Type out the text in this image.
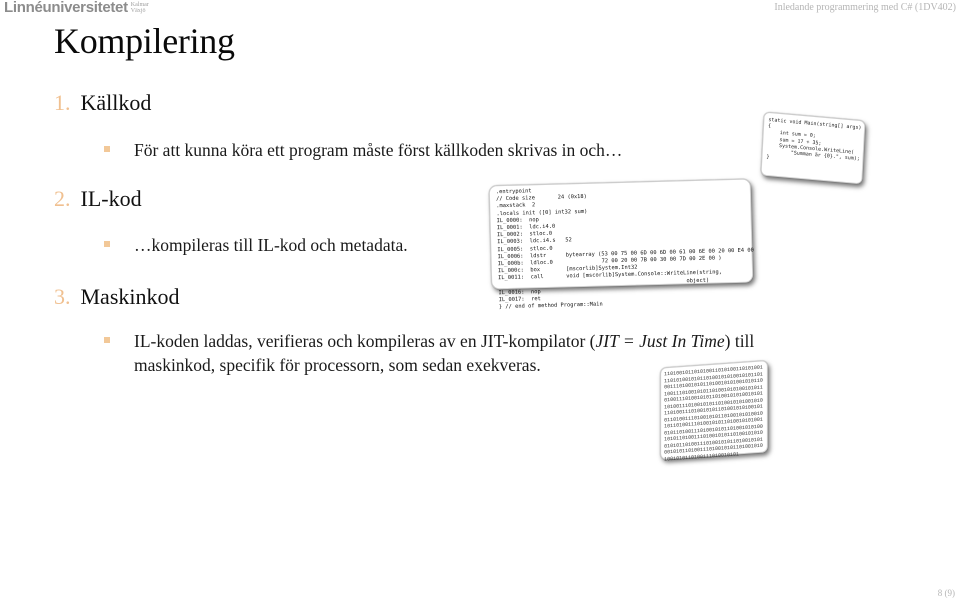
Linnéuniversitetet Kalmar
Växjö	Inledande programmering med C# (1DV402)
Kompilering
1. Källkod
För att kunna köra ett program måste först källkoden skrivas in och…
2. IL-kod
…kompileras till IL-kod och metadata.
3. Maskinkod
IL-koden laddas, verifieras och kompileras av en JIT-kompilator (JIT = Just In Time) till
maskinkod, specifik för processorn, som sedan exekveras.
static void Main(string[] args)
{
int sum = 0;
sum = 17 + 35;
System.Console.WriteLine(
"Summan är {0}.", sum);
}
.entrypoint
// Code size       24 (0x18)
.maxstack  2
.locals init ([0] int32 sum)
IL_0000:  nop
IL_0001:  ldc.i4.0
IL_0002:  stloc.0
IL_0003:  ldc.i4.s   52
IL_0005:  stloc.0
IL_0006:  ldstr      bytearray (53 00 75 00 6D 00 6D 00 61 00 6E 00 20 00 E4 00
IL_000b:  ldloc.0               72 00 20 00 7B 00 30 00 7D 00 2E 00 )
IL_000c:  box        [mscorlib]System.Int32
IL_0011:  call       void [mscorlib]System.Console::WriteLine(string,
object)
IL_0016:  nop
IL_0017:  ret
} // end of method Program::Main
1101001011010100110101001101010011101010010101101001010100101011010011101001010110100101010010101101001110100101011010010101001010110100111010010101101001010100101011010011101001010110100101010010101101001110100101011010010101001010110100111010010101101001010100101011010011101001010110100101010010101101001110100101011010010101001010110100111010010101101001010100101011010011101001010110100101010010101101001110100101011010010101001010110100111010010101
8 (9)
